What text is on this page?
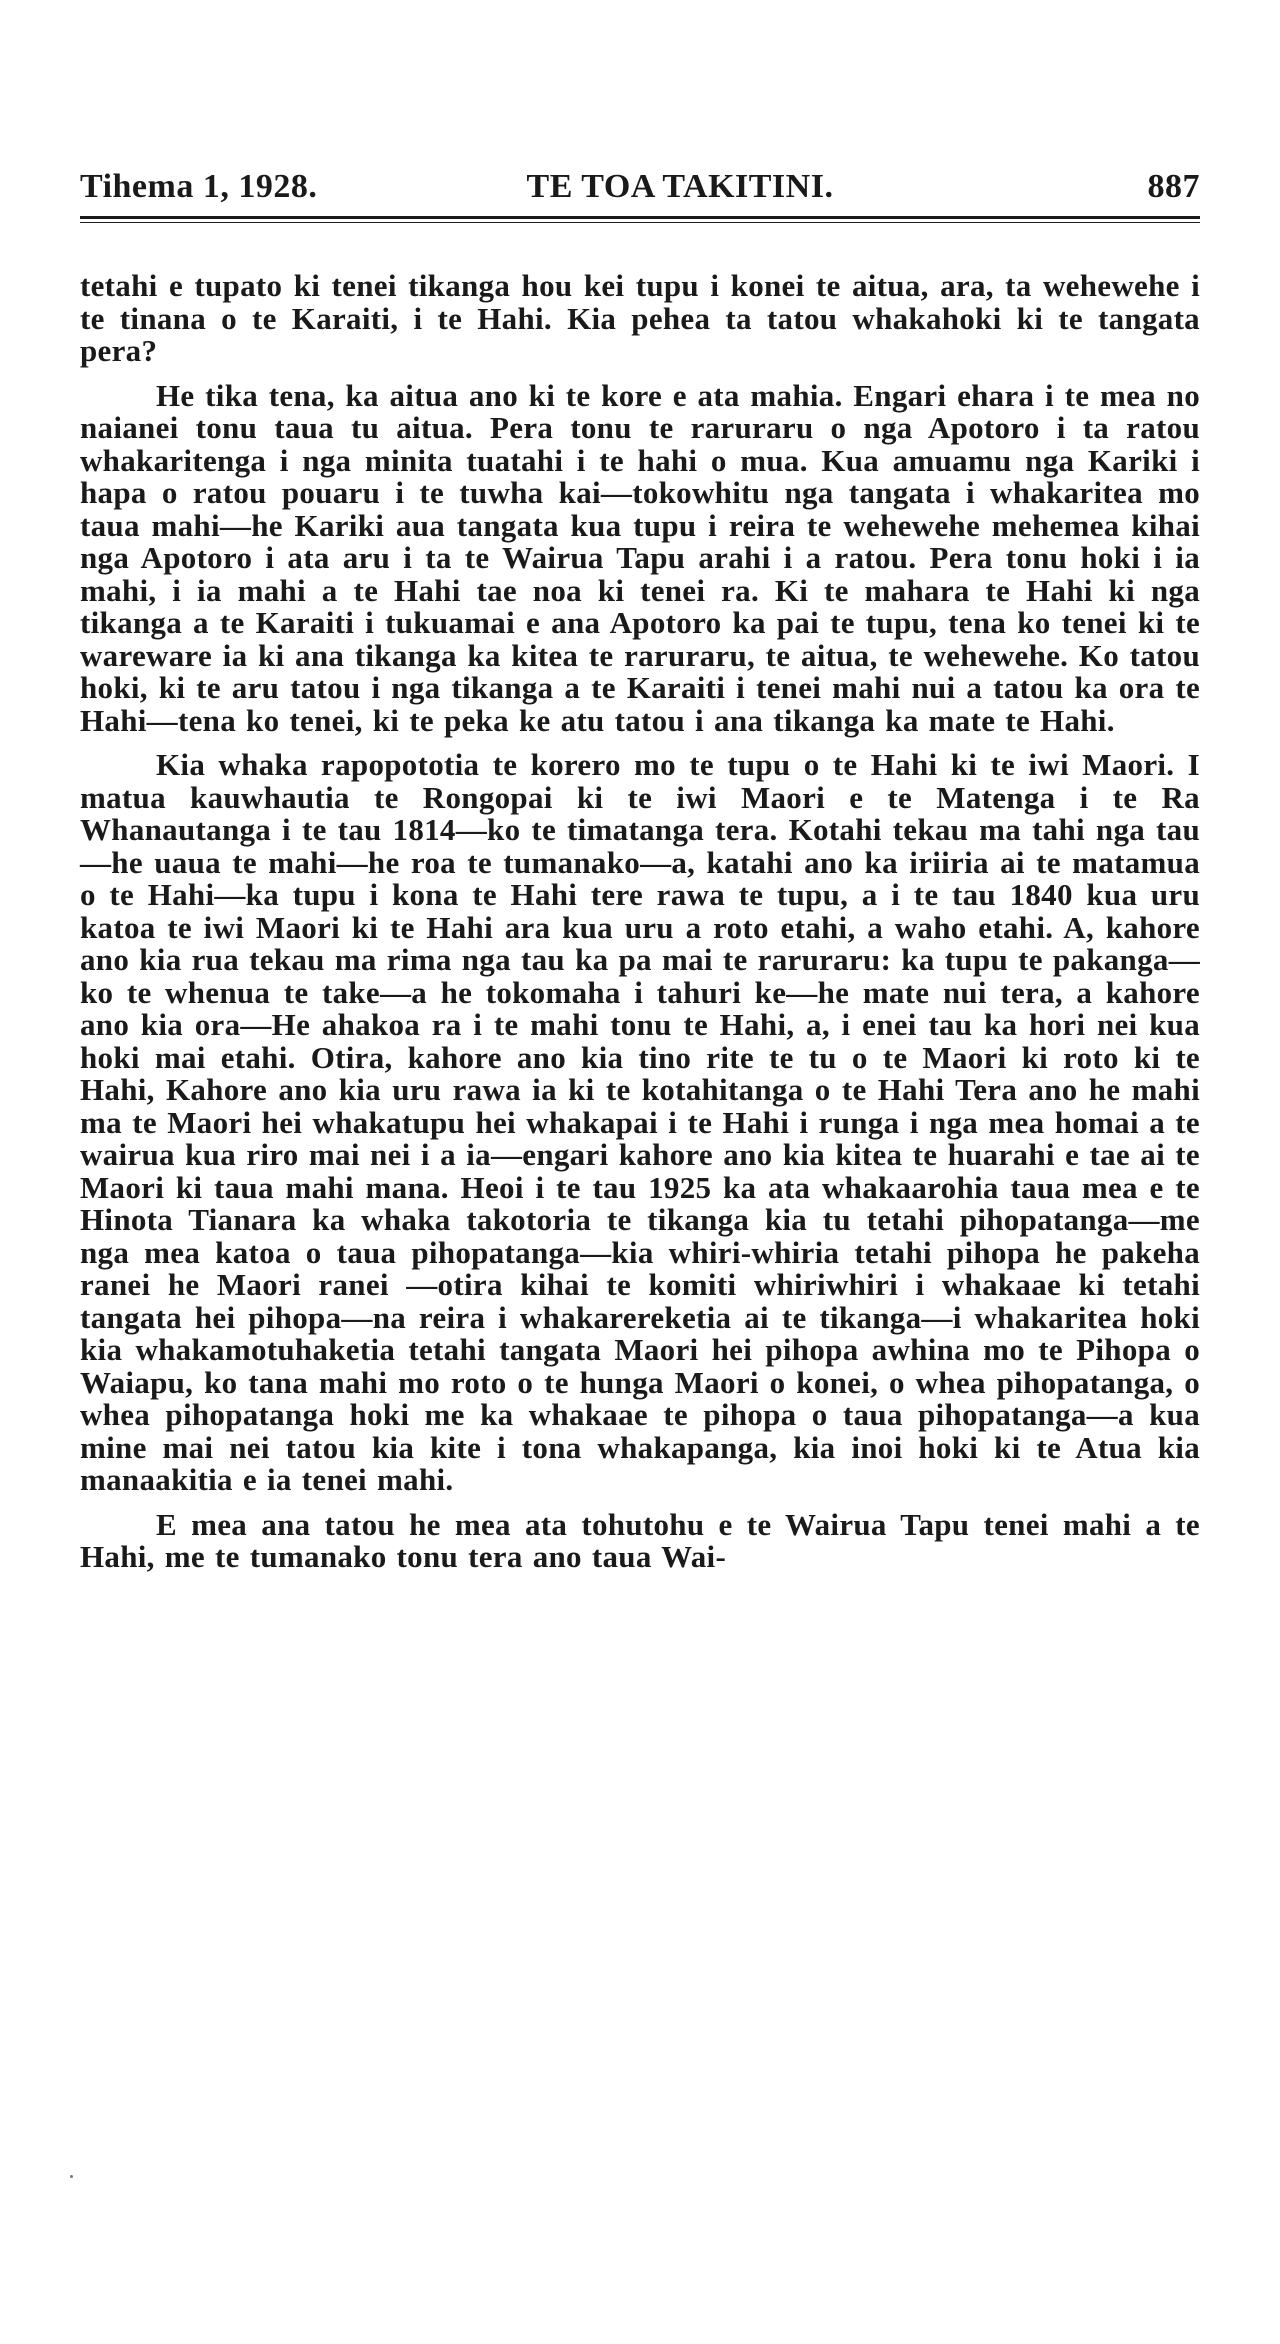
Tihema 1, 1928.	TE TOA TAKITINI.	887

tetahi e tupato ki tenei tikanga hou kei tupu i konei te aitua, ara, ta wehewehe i te tinana o te Karaiti, i te Hahi. Kia pehea ta tatou whakahoki ki te tangata pera?

He tika tena, ka aitua ano ki te kore e ata mahia. Engari ehara i te mea no naianei tonu taua tu aitua. Pera tonu te raruraru o nga Apotoro i ta ratou whakaritenga i nga minita tuatahi i te hahi o mua. Kua amuamu nga Kariki i hapa o ratou pouaru i te tuwha kai—tokowhitu nga tangata i whakaritea mo taua mahi—he Kariki aua tangata kua tupu i reira te wehewehe mehemea kihai nga Apotoro i ata aru i ta te Wairua Tapu arahi i a ratou. Pera tonu hoki i ia mahi, i ia mahi a te Hahi tae noa ki tenei ra. Ki te mahara te Hahi ki nga tikanga a te Karaiti i tukuamai e ana Apotoro ka pai te tupu, tena ko tenei ki te wareware ia ki ana tikanga ka kitea te raruraru, te aitua, te wehewehe. Ko tatou hoki, ki te aru tatou i nga tikanga a te Karaiti i tenei mahi nui a tatou ka ora te Hahi—tena ko tenei, ki te peka ke atu tatou i ana tikanga ka mate te Hahi.

Kia whaka rapopototia te korero mo te tupu o te Hahi ki te iwi Maori. I matua kauwhautia te Rongopai ki te iwi Maori e te Matenga i te Ra Whanautanga i te tau 1814—ko te timatanga tera. Kotahi tekau ma tahi nga tau—he uaua te mahi—he roa te tumanako—a, katahi ano ka iriiria ai te matamua o te Hahi—ka tupu i kona te Hahi tere rawa te tupu, a i te tau 1840 kua uru katoa te iwi Maori ki te Hahi ara kua uru a roto etahi, a waho etahi. A, kahore ano kia rua tekau ma rima nga tau ka pa mai te raruraru: ka tupu te pakanga—ko te whenua te take—a he tokomaha i tahuri ke—he mate nui tera, a kahore ano kia ora—He ahakoa ra i te mahi tonu te Hahi, a, i enei tau ka hori nei kua hoki mai etahi. Otira, kahore ano kia tino rite te tu o te Maori ki roto ki te Hahi, Kahore ano kia uru rawa ia ki te kotahitanga o te Hahi Tera ano he mahi ma te Maori hei whakatupu hei whakapai i te Hahi i runga i nga mea homai a te wairua kua riro mai nei i a ia—engari kahore ano kia kitea te huarahi e tae ai te Maori ki taua mahi mana. Heoi i te tau 1925 ka ata whakaarohia taua mea e te Hinota Tianara ka whaka takotoria te tikanga kia tu tetahi pihopatanga—me nga mea katoa o taua pihopatanga—kia whiri-whiria tetahi pihopa he pakeha ranei he Maori ranei —otira kihai te komiti whiriwhiri i whakaae ki tetahi tangata hei pihopa—na reira i whakarereketia ai te tikanga—i whakaritea hoki kia whakamotuhaketia tetahi tangata Maori hei pihopa awhina mo te Pihopa o Waiapu, ko tana mahi mo roto o te hunga Maori o konei, o whea pihopatanga, o whea pihopatanga hoki me ka whakaae te pihopa o taua pihopatanga—a kua mine mai nei tatou kia kite i tona whakapanga, kia inoi hoki ki te Atua kia manaakitia e ia tenei mahi.

E mea ana tatou he mea ata tohutohu e te Wairua Tapu tenei mahi a te Hahi, me te tumanako tonu tera ano taua Wai-
